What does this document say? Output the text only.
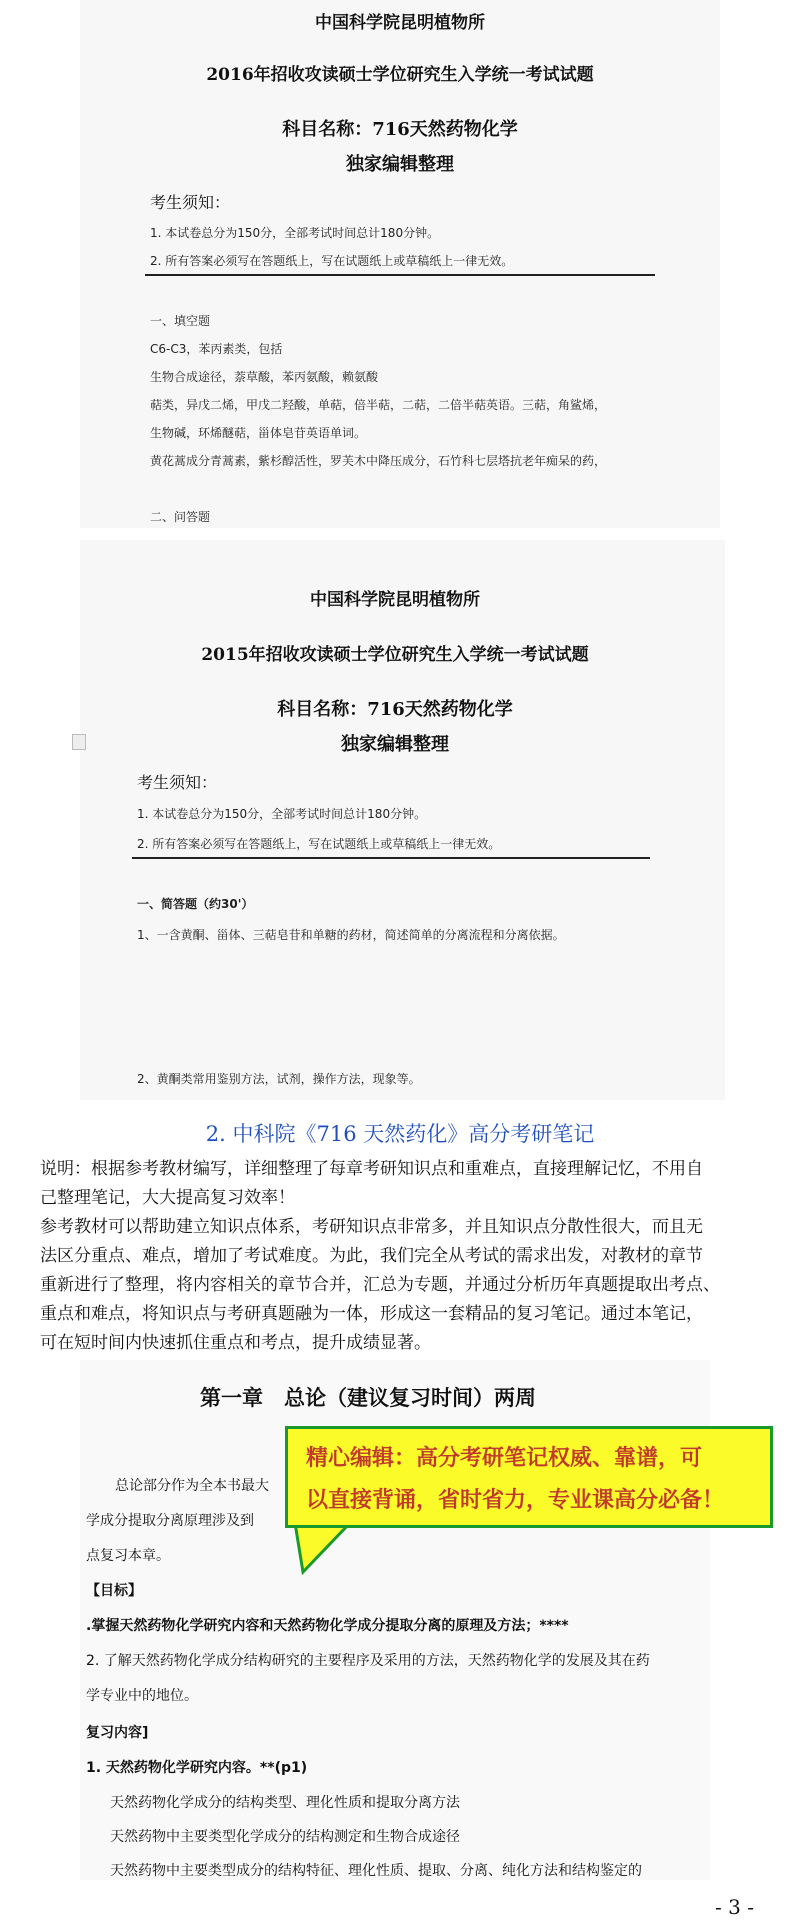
中国科学院昆明植物所
2016年招收攻读硕士学位研究生入学统一考试试题
科目名称：716天然药物化学
独家编辑整理
考生须知：
1. 本试卷总分为150分，全部考试时间总计180分钟。
2. 所有答案必须写在答题纸上，写在试题纸上或草稿纸上一律无效。
一、填空题
C6-C3，苯丙素类，包括
生物合成途径，萘草酸，苯丙氨酸，赖氨酸
萜类，异戊二烯，甲戊二羟酸，单萜，倍半萜，二萜，二倍半萜英语。三萜，角鲨烯，
生物碱，环烯醚萜，甾体皂苷英语单词。
黄花蒿成分青蒿素，紫杉醇活性，罗芙木中降压成分，石竹科七层塔抗老年痴呆的药，
二、问答题
中国科学院昆明植物所
2015年招收攻读硕士学位研究生入学统一考试试题
科目名称：716天然药物化学
独家编辑整理
考生须知：
1. 本试卷总分为150分，全部考试时间总计180分钟。
2. 所有答案必须写在答题纸上，写在试题纸上或草稿纸上一律无效。
一、简答题（约30'）
1、一含黄酮、甾体、三萜皂苷和单糖的药材，简述简单的分离流程和分离依据。
2、黄酮类常用鉴别方法，试剂，操作方法，现象等。
2. 中科院《716 天然药化》高分考研笔记
说明：根据参考教材编写，详细整理了每章考研知识点和重难点，直接理解记忆，不用自
己整理笔记，大大提高复习效率！
参考教材可以帮助建立知识点体系，考研知识点非常多，并且知识点分散性很大，而且无
法区分重点、难点，增加了考试难度。为此，我们完全从考试的需求出发，对教材的章节
重新进行了整理，将内容相关的章节合并，汇总为专题，并通过分析历年真题提取出考点、
重点和难点，将知识点与考研真题融为一体，形成这一套精品的复习笔记。通过本笔记，
可在短时间内快速抓住重点和考点，提升成绩显著。
第一章　总论（建议复习时间）两周
总论部分作为全本书最大
学成分提取分离原理涉及到
点复习本章。
【目标】
.掌握天然药物化学研究内容和天然药物化学成分提取分离的原理及方法；****
2. 了解天然药物化学成分结构研究的主要程序及采用的方法，天然药物化学的发展及其在药
学专业中的地位。
复习内容]
1. 天然药物化学研究内容。**(p1)
天然药物化学成分的结构类型、理化性质和提取分离方法
天然药物中主要类型化学成分的结构测定和生物合成途径
天然药物中主要类型成分的结构特征、理化性质、提取、分离、纯化方法和结构鉴定的
精心编辑：高分考研笔记权威、靠谱，可
以直接背诵，省时省力，专业课高分必备！
- 3 -
